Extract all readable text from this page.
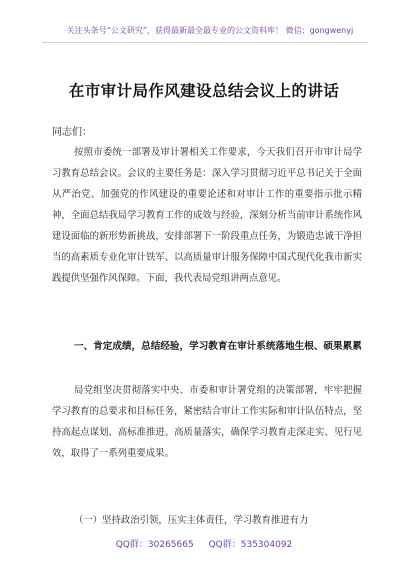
关注头条号“公文研究”，获得最新最全最专业的公文资料库！ 微信：gongwenyj
在市审计局作风建设总结会议上的讲话
同志们：

按照市委统一部署及审计署相关工作要求，今天我们召开市审计局学习教育总结会议。会议的主要任务是：深入学习贯彻习近平总书记关于全面从严治党、加强党的作风建设的重要论述和对审计工作的重要指示批示精神，全面总结我局学习教育工作的成效与经验，深刻分析当前审计系统作风建设面临的新形势新挑战，安排部署下一阶段重点任务，为锻造忠诚干净担当的高素质专业化审计铁军、以高质量审计服务保障中国式现代化我市新实践提供坚强作风保障。下面，我代表局党组讲两点意见。

一、肯定成绩，总结经验，学习教育在审计系统落地生根、硕果累累

局党组坚决贯彻落实中央、市委和审计署党组的决策部署，牢牢把握学习教育的总要求和目标任务，紧密结合审计工作实际和审计队伍特点，坚持高起点谋划、高标准推进、高质量落实，确保学习教育走深走实、见行见效，取得了一系列重要成果。

（一）坚持政治引领，压实主体责任，学习教育推进有力
QQ群：30265665 QQ群：535304092
